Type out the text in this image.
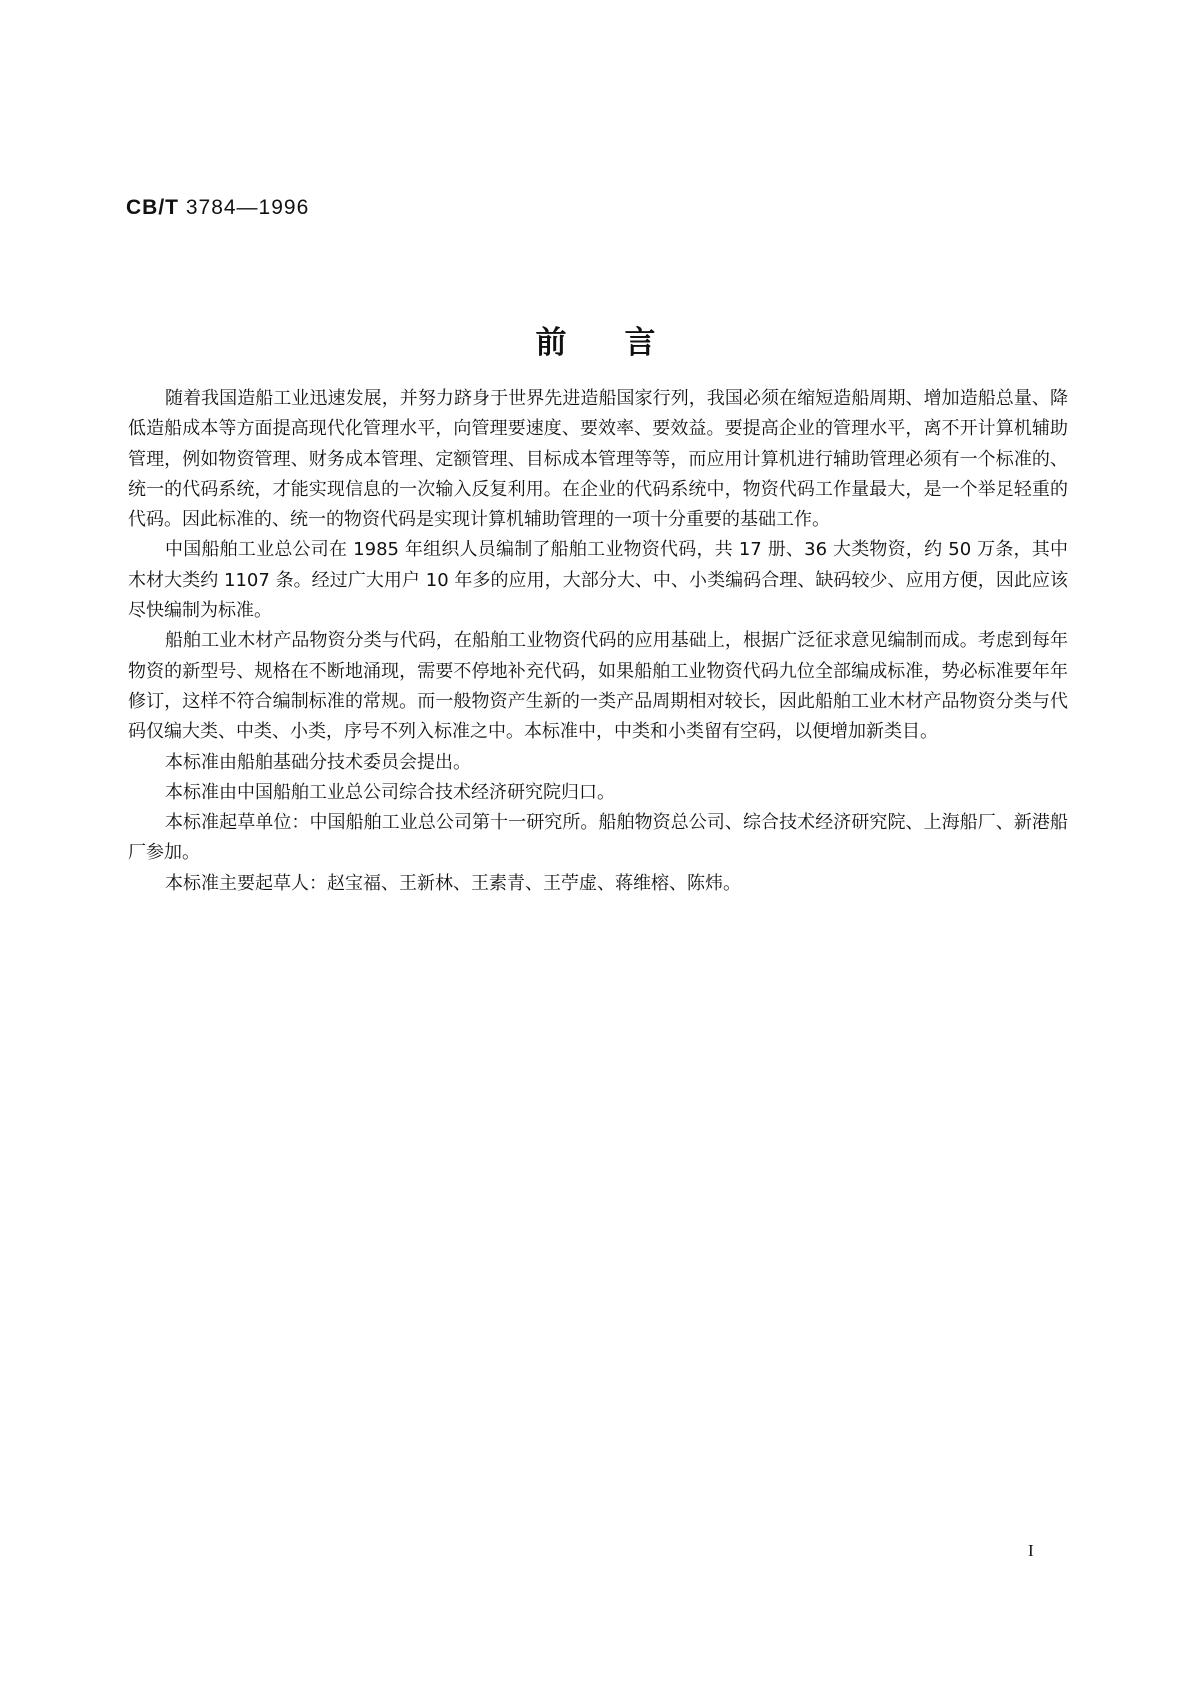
CB/T 3784—1996
前言

随着我国造船工业迅速发展，并努力跻身于世界先进造船国家行列，我国必须在缩短造船周期、增加造船总量、降低造船成本等方面提高现代化管理水平，向管理要速度、要效率、要效益。要提高企业的管理水平，离不开计算机辅助管理，例如物资管理、财务成本管理、定额管理、目标成本管理等等，而应用计算机进行辅助管理必须有一个标准的、统一的代码系统，才能实现信息的一次输入反复利用。在企业的代码系统中，物资代码工作量最大，是一个举足轻重的代码。因此标准的、统一的物资代码是实现计算机辅助管理的一项十分重要的基础工作。

中国船舶工业总公司在 1985 年组织人员编制了船舶工业物资代码，共 17 册、36 大类物资，约 50 万条，其中木材大类约 1107 条。经过广大用户 10 年多的应用，大部分大、中、小类编码合理、缺码较少、应用方便，因此应该尽快编制为标准。

船舶工业木材产品物资分类与代码，在船舶工业物资代码的应用基础上，根据广泛征求意见编制而成。考虑到每年物资的新型号、规格在不断地涌现，需要不停地补充代码，如果船舶工业物资代码九位全部编成标准，势必标准要年年修订，这样不符合编制标准的常规。而一般物资产生新的一类产品周期相对较长，因此船舶工业木材产品物资分类与代码仅编大类、中类、小类，序号不列入标准之中。本标准中，中类和小类留有空码，以便增加新类目。

本标准由船舶基础分技术委员会提出。

本标准由中国船舶工业总公司综合技术经济研究院归口。

本标准起草单位：中国船舶工业总公司第十一研究所。船舶物资总公司、综合技术经济研究院、上海船厂、新港船厂参加。

本标准主要起草人：赵宝福、王新林、王素青、王苧虚、蒋维榕、陈炜。

I
